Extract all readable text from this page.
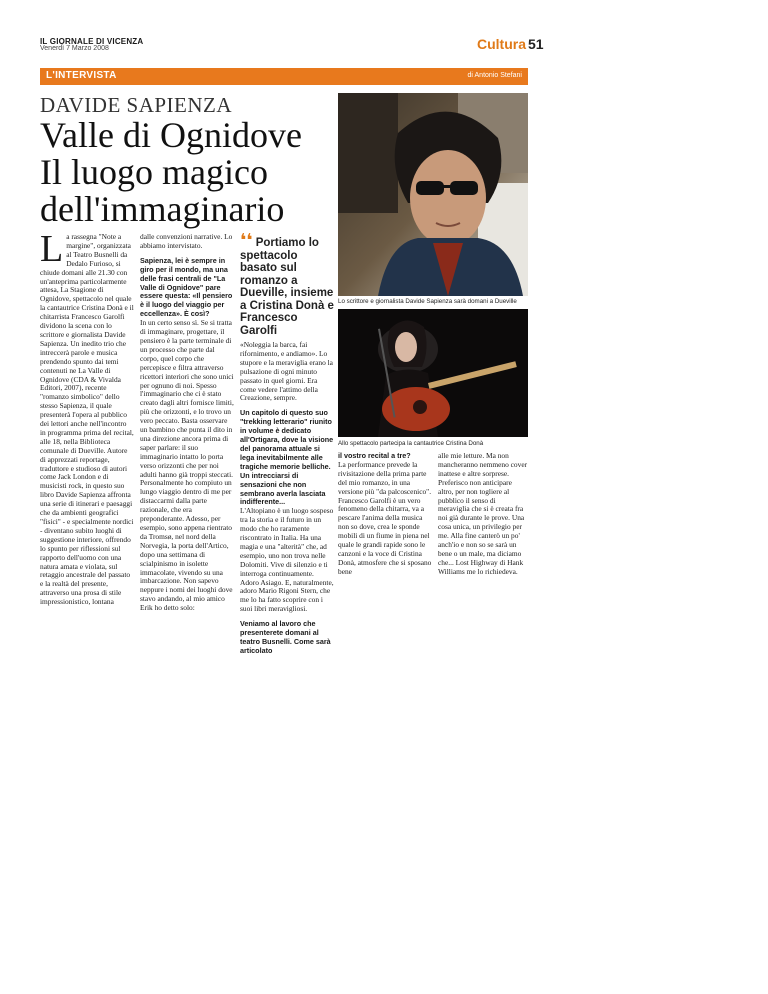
IL GIORNALE DI VICENZA
Venerdì 7 Marzo 2008	Cultura 51
L'INTERVISTA	di Antonio Stefani
DAVIDE SAPIENZA
Valle di Ognidove
Il luogo magico
dell'immaginario
L a rassegna "Note a margine", organizzata al Teatro Busnelli da Dedalo Furioso, si chiude domani alle 21.30 con un'anteprima particolarmente attesa, La Stagione di Ognidove, spettacolo nel quale la cantautrice Cristina Donà e il chitarrista Francesco Garolfi dividono la scena con lo scrittore e giornalista Davide Sapienza. Un inedito trio che intreccerà parole e musica prendendo spunto dai temi contenuti ne La Valle di Ognidove (CDA & Vivalda Editori, 2007), recente "romanzo simbolico" dello stesso Sapienza, il quale presenterà l'opera al pubblico dei lettori anche nell'incontro in programma prima del recital, alle 18, nella Biblioteca comunale di Dueville. Autore di apprezzati reportage, traduttore e studioso di autori come Jack London e di musicisti rock, in questo suo libro Davide Sapienza affronta una serie di itinerari e paesaggi che da ambienti geografici "fisici" - e specialmente nordici - diventano subito luoghi di suggestione interiore, offrendo lo spunto per riflessioni sul rapporto dell'uomo con una natura amata e violata, sul retaggio ancestrale del passato e la realtà del presente, attraverso una prosa di stile impressionistico, lontana

dalle convenzioni narrative. Lo abbiamo intervistato.

Sapienza, lei è sempre in giro per il mondo, ma una delle frasi centrali de "La Valle di Ognidove" pare essere questa: «Il pensiero è il luogo del viaggio per eccellenza». È così?

In un certo senso sì. Se si tratta di immaginare, progettare, il pensiero è la parte terminale di un processo che parte dal corpo, quel corpo che percepisce e filtra attraverso ricettori interiori che sono unici per ognuno di noi. Spesso l'immaginario che ci è stato creato dagli altri fornisce limiti, più che orizzonti, e lo trovo un vero peccato. Basta osservare un bambino che punta il dito in una direzione ancora prima di saper parlare: il suo immaginario intatto lo porta verso orizzonti che per noi adulti hanno già troppi steccati. Personalmente ho compiuto un lungo viaggio dentro di me per distaccarmi dalla parte razionale, che era preponderante. Adesso, per esempio, sono appena rientrato da Tromsø, nel nord della Norvegia, la porta dell'Artico, dopo una settimana di scialpinismo in isolette immacolate, vivendo su una imbarcazione. Non sapevo neppure i nomi dei luoghi dove stavo andando, al mio amico Erik ho detto solo:

❛❛ Portiamo lo spettacolo basato sul romanzo a Dueville, insieme a Cristina Donà e Francesco Garolfi

«Noleggia la barca, fai rifornimento, e andiamo». Lo stupore e la meraviglia erano la pulsazione di ogni minuto passato in quel giorni. Era come vedere l'attimo della Creazione, sempre.

Un capitolo di questo suo "trekking letterario" riunito in volume è dedicato all'Ortigara, dove la visione del panorama attuale si lega inevitabilmente alle tragiche memorie belliche. Un intrecciarsi di sensazioni che non sembrano averla lasciata indifferente...

L'Altopiano è un luogo sospeso tra la storia e il futuro in un modo che ho raramente riscontrato in Italia. Ha una magia e una "alterità" che, ad esempio, uno non trova nelle Dolomiti. Vive di silenzio e ti interroga continuamente. Adoro Asiago. E, naturalmente, adoro Mario Rigoni Stern, che me lo ha fatto scoprire con i suoi libri meravigliosi.

Veniamo al lavoro che presenterete domani al teatro Busnelli. Come sarà articolato

Lo scrittore e giornalista Davide Sapienza sarà domani a Dueville
Allo spettacolo partecipa la cantautrice Cristina Donà

il vostro recital a tre?

La performance prevede la rivisitazione della prima parte del mio romanzo, in una versione più "da palcoscenico". Francesco Garolfi è un vero fenomeno della chitarra, va a pescare l'anima della musica non so dove, crea le sponde mobili di un fiume in piena nel quale le grandi rapide sono le canzoni e la voce di Cristina Donà, atmosfere che si sposano bene

alle mie letture. Ma non mancheranno nemmeno cover inattese e altre sorprese. Preferisco non anticipare altro, per non togliere al pubblico il senso di meraviglia che si è creata fra noi già durante le prove. Una cosa unica, un privilegio per me. Alla fine canterò un po' anch'io e non so se sarà un bene o un male, ma diciamo che... Lost Highway di Hank Williams me lo richiedeva.
